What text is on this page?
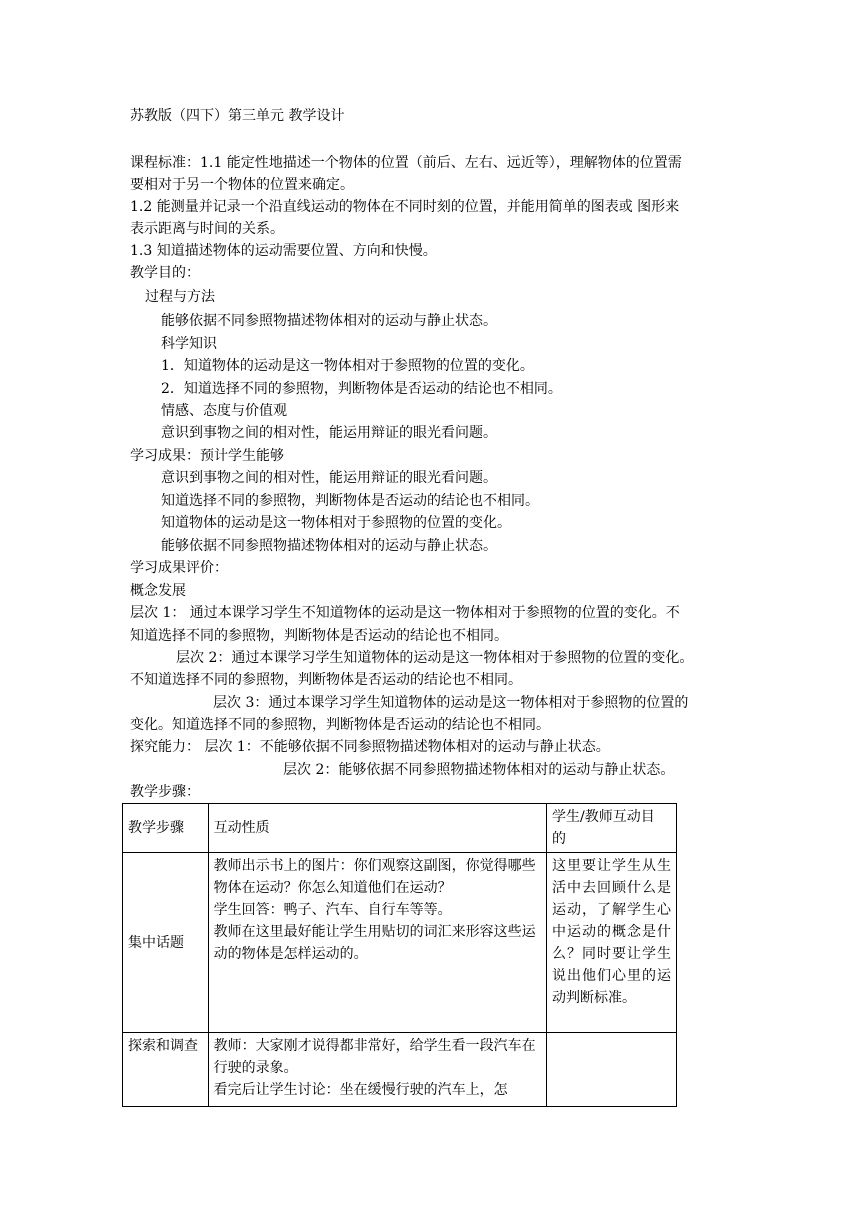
苏教版（四下）第三单元 教学设计
课程标准：1.1 能定性地描述一个物体的位置（前后、左右、远近等），理解物体的位置需
要相对于另一个物体的位置来确定。
1.2 能测量并记录一个沿直线运动的物体在不同时刻的位置，并能用简单的图表或 图形来
表示距离与时间的关系。
1.3 知道描述物体的运动需要位置、方向和快慢。
教学目的：
过程与方法
能够依据不同参照物描述物体相对的运动与静止状态。
科学知识
1．知道物体的运动是这一物体相对于参照物的位置的变化。
2．知道选择不同的参照物，判断物体是否运动的结论也不相同。
情感、态度与价值观
意识到事物之间的相对性，能运用辩证的眼光看问题。
学习成果：预计学生能够
意识到事物之间的相对性，能运用辩证的眼光看问题。
知道选择不同的参照物，判断物体是否运动的结论也不相同。
知道物体的运动是这一物体相对于参照物的位置的变化。
能够依据不同参照物描述物体相对的运动与静止状态。
学习成果评价：
概念发展
层次 1： 通过本课学习学生不知道物体的运动是这一物体相对于参照物的位置的变化。不
知道选择不同的参照物，判断物体是否运动的结论也不相同。
层次 2：通过本课学习学生知道物体的运动是这一物体相对于参照物的位置的变化。
不知道选择不同的参照物，判断物体是否运动的结论也不相同。
层次 3：通过本课学习学生知道物体的运动是这一物体相对于参照物的位置的
变化。知道选择不同的参照物，判断物体是否运动的结论也不相同。
探究能力： 层次 1：不能够依据不同参照物描述物体相对的运动与静止状态。
层次 2：能够依据不同参照物描述物体相对的运动与静止状态。
教学步骤：
教学步骤	互动性质	学生/教师互动目
的

集中话题	教师出示书上的图片：你们观察这副图，你觉得哪些物体在运动？你怎么知道他们在运动？
学生回答：鸭子、汽车、自行车等等。
教师在这里最好能让学生用贴切的词汇来形容这些运动的物体是怎样运动的。	这里要让学生从生活中去回顾什么是运动，了解学生心中运动的概念是什么？同时要让学生说出他们心里的运动判断标准。

探索和调查	教师：大家刚才说得都非常好，给学生看一段汽车在行驶的录象。
看完后让学生讨论：坐在缓慢行驶的汽车上，怎	
